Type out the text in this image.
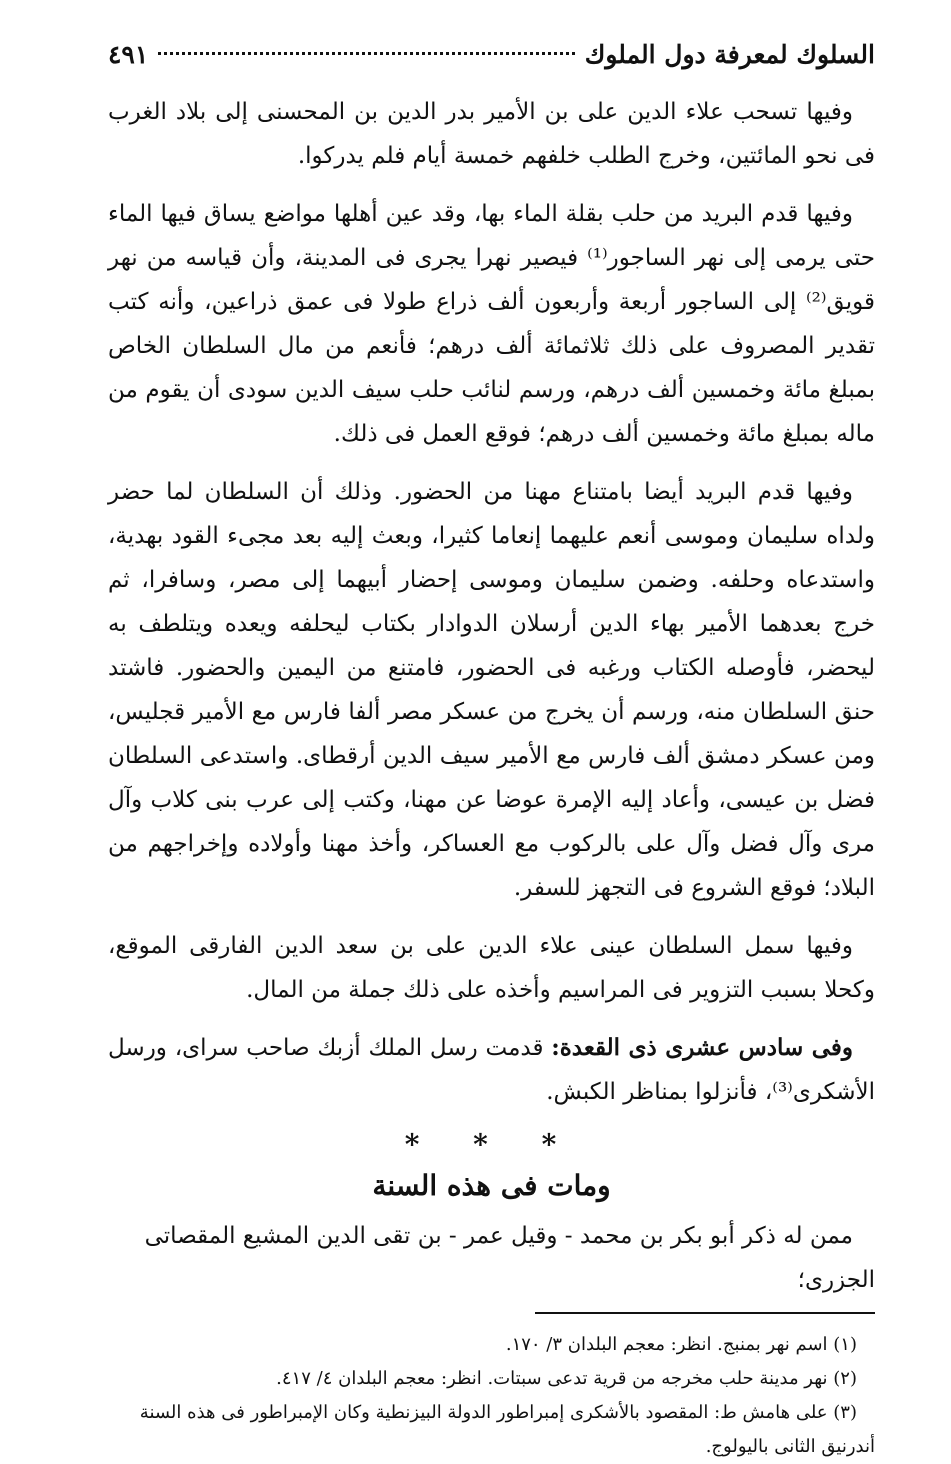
السلوك لمعرفة دول الملوك
٤٩١

وفيها تسحب علاء الدين على بن الأمير بدر الدين بن المحسنى إلى بلاد الغرب فى نحو المائتين، وخرج الطلب خلفهم خمسة أيام فلم يدركوا.

وفيها قدم البريد من حلب بقلة الماء بها، وقد عين أهلها مواضع يساق فيها الماء حتى يرمى إلى نهر الساجور⁽¹⁾ فيصير نهرا يجرى فى المدينة، وأن قياسه من نهر قويق⁽²⁾ إلى الساجور أربعة وأربعون ألف ذراع طولا فى عمق ذراعين، وأنه كتب تقدير المصروف على ذلك ثلاثمائة ألف درهم؛ فأنعم من مال السلطان الخاص بمبلغ مائة وخمسين ألف درهم، ورسم لنائب حلب سيف الدين سودى أن يقوم من ماله بمبلغ مائة وخمسين ألف درهم؛ فوقع العمل فى ذلك.

وفيها قدم البريد أيضا بامتناع مهنا من الحضور. وذلك أن السلطان لما حضر ولداه سليمان وموسى أنعم عليهما إنعاما كثيرا، وبعث إليه بعد مجىء القود بهدية، واستدعاه وحلفه. وضمن سليمان وموسى إحضار أبيهما إلى مصر، وسافرا، ثم خرج بعدهما الأمير بهاء الدين أرسلان الدوادار بكتاب ليحلفه ويعده ويتلطف به ليحضر، فأوصله الكتاب ورغبه فى الحضور، فامتنع من اليمين والحضور. فاشتد حنق السلطان منه، ورسم أن يخرج من عسكر مصر ألفا فارس مع الأمير قجليس، ومن عسكر دمشق ألف فارس مع الأمير سيف الدين أرقطاى. واستدعى السلطان فضل بن عيسى، وأعاد إليه الإمرة عوضا عن مهنا، وكتب إلى عرب بنى كلاب وآل مرى وآل فضل وآل على بالركوب مع العساكر، وأخذ مهنا وأولاده وإخراجهم من البلاد؛ فوقع الشروع فى التجهز للسفر.

وفيها سمل السلطان عينى علاء الدين على بن سعد الدين الفارقى الموقع، وكحلا بسبب التزوير فى المراسيم وأخذه على ذلك جملة من المال.

وفى سادس عشرى ذى القعدة: قدمت رسل الملك أزبك صاحب سراى، ورسل الأشكرى⁽³⁾، فأنزلوا بمناظر الكبش.

* * *
ومات فى هذه السنة

ممن له ذكر أبو بكر بن محمد - وقيل عمر - بن تقى الدين المشيع المقصاتى الجزرى؛

(١) اسم نهر بمنبج. انظر: معجم البلدان ٣/ ١٧٠.

(٢) نهر مدينة حلب مخرجه من قرية تدعى سبتات. انظر: معجم البلدان ٤/ ٤١٧.

(٣) على هامش ط: المقصود بالأشكرى إمبراطور الدولة البيزنطية وكان الإمبراطور فى هذه السنة أندرنيق الثانى باليولوج.
